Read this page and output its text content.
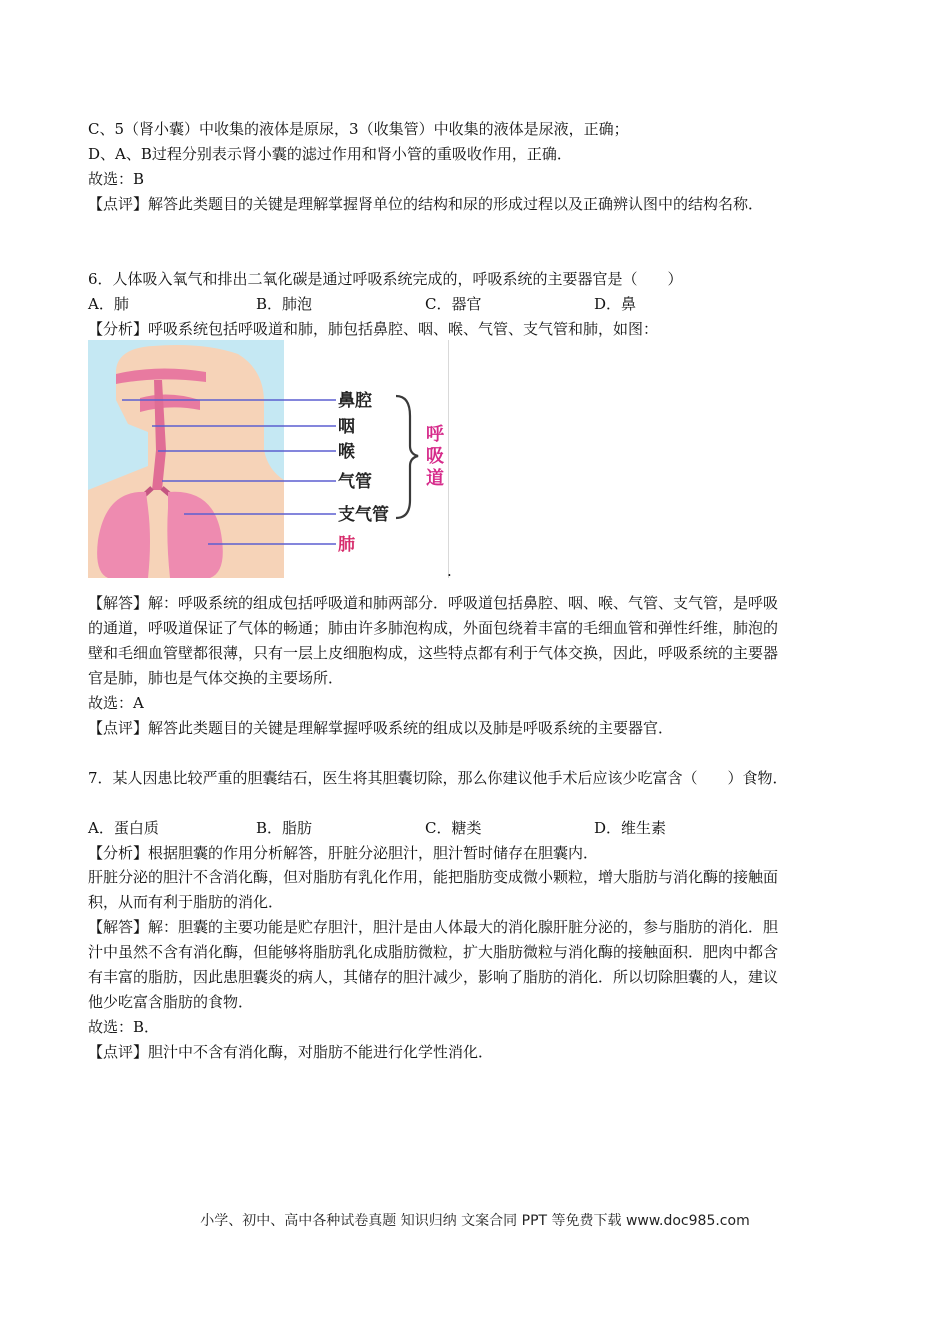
C、5（肾小囊）中收集的液体是原尿，3（收集管）中收集的液体是尿液，正确；
D、A、B过程分别表示肾小囊的滤过作用和肾小管的重吸收作用，正确．
故选：B
【点评】解答此类题目的关键是理解掌握肾单位的结构和尿的形成过程以及正确辨认图中的结构名称．
6．人体吸入氧气和排出二氧化碳是通过呼吸系统完成的，呼吸系统的主要器官是（　　）
A．肺	B．肺泡	C．器官	D．鼻
【分析】呼吸系统包括呼吸道和肺，肺包括鼻腔、咽、喉、气管、支气管和肺，如图：
鼻腔
咽
喉
气管
支气管
肺
呼
吸
道
.
【解答】解：呼吸系统的组成包括呼吸道和肺两部分．呼吸道包括鼻腔、咽、喉、气管、支气管，是呼吸
的通道，呼吸道保证了气体的畅通；肺由许多肺泡构成，外面包绕着丰富的毛细血管和弹性纤维，肺泡的
壁和毛细血管壁都很薄，只有一层上皮细胞构成，这些特点都有利于气体交换，因此，呼吸系统的主要器
官是肺，肺也是气体交换的主要场所．
故选：A
【点评】解答此类题目的关键是理解掌握呼吸系统的组成以及肺是呼吸系统的主要器官．
7．某人因患比较严重的胆囊结石，医生将其胆囊切除，那么你建议他手术后应该少吃富含（　　）食物．
A．蛋白质	B．脂肪	C．糖类	D．维生素
【分析】根据胆囊的作用分析解答，肝脏分泌胆汁，胆汁暂时储存在胆囊内．
肝脏分泌的胆汁不含消化酶，但对脂肪有乳化作用，能把脂肪变成微小颗粒，增大脂肪与消化酶的接触面
积，从而有利于脂肪的消化．
【解答】解：胆囊的主要功能是贮存胆汁，胆汁是由人体最大的消化腺肝脏分泌的，参与脂肪的消化．胆
汁中虽然不含有消化酶，但能够将脂肪乳化成脂肪微粒，扩大脂肪微粒与消化酶的接触面积．肥肉中都含
有丰富的脂肪，因此患胆囊炎的病人，其储存的胆汁减少，影响了脂肪的消化．所以切除胆囊的人，建议
他少吃富含脂肪的食物．
故选：B．
【点评】胆汁中不含有消化酶，对脂肪不能进行化学性消化．
小学、初中、高中各种试卷真题 知识归纳 文案合同 PPT 等免费下载 www.doc985.com
